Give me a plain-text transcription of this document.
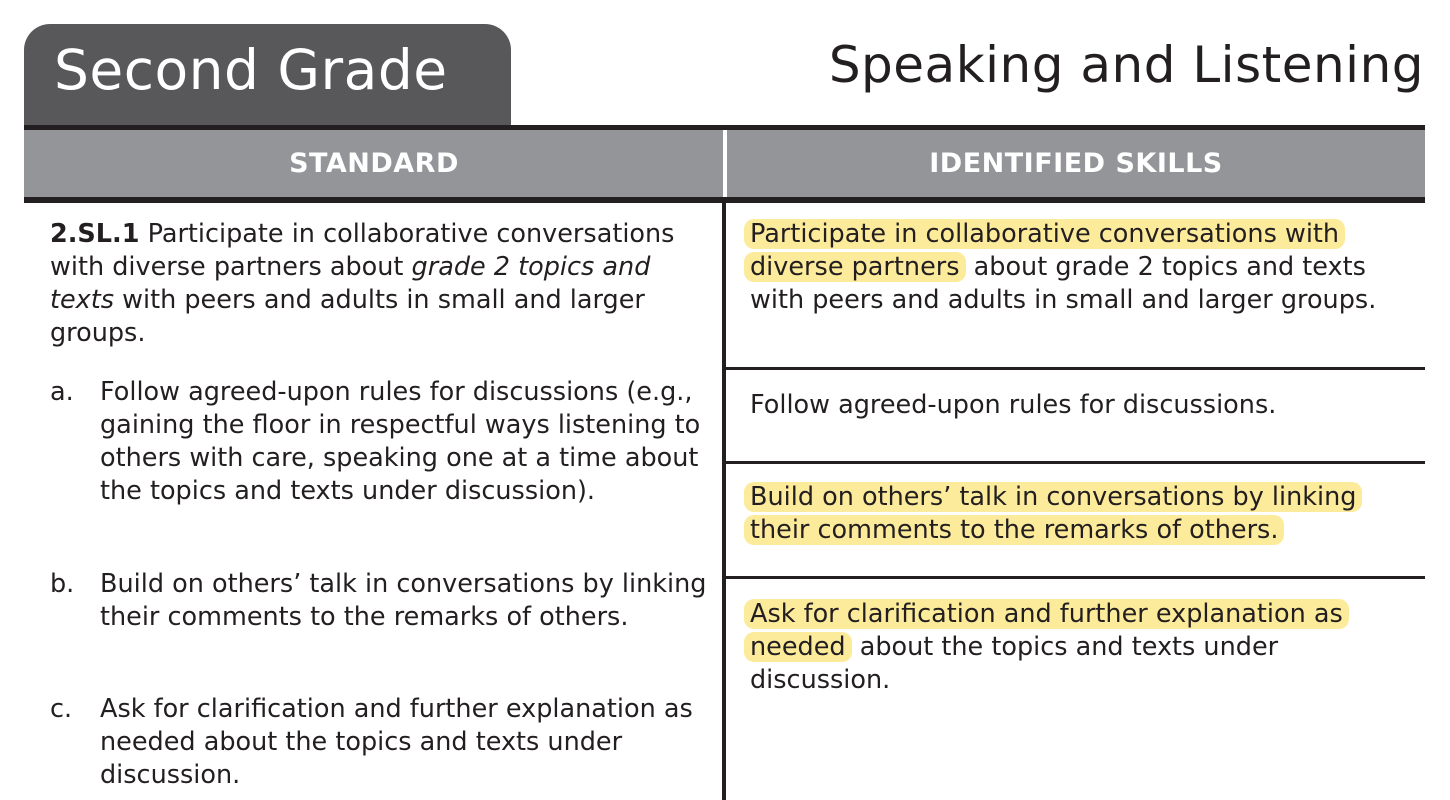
Second Grade	Speaking and Listening
STANDARD	IDENTIFIED SKILLS
2.SL.1 Participate in collaborative conversations with diverse partners about grade 2 topics and texts with peers and adults in small and larger groups.
a. Follow agreed-upon rules for discussions (e.g., gaining the floor in respectful ways listening to others with care, speaking one at a time about the topics and texts under discussion).
b. Build on others’ talk in conversations by linking their comments to the remarks of others.
c. Ask for clarification and further explanation as needed about the topics and texts under discussion.
Participate in collaborative conversations with diverse partners about grade 2 topics and texts with peers and adults in small and larger groups.
Follow agreed-upon rules for discussions.
Build on others’ talk in conversations by linking their comments to the remarks of others.
Ask for clarification and further explanation as needed about the topics and texts under discussion.
